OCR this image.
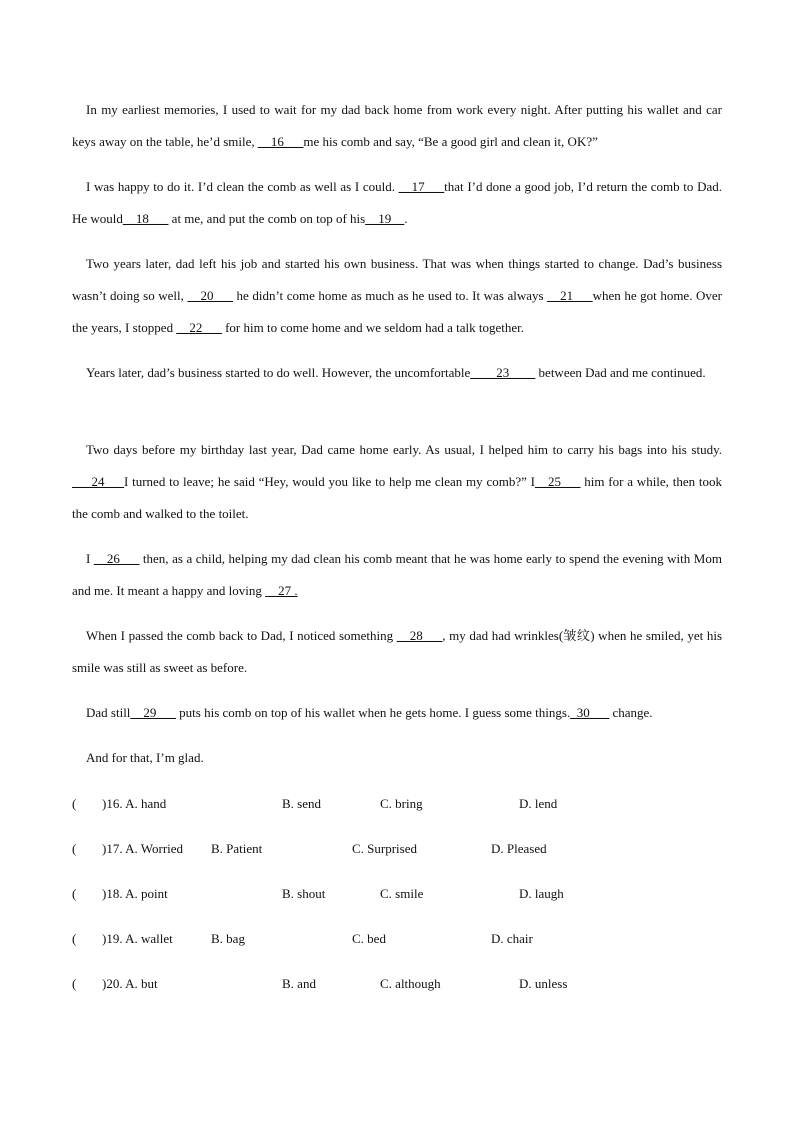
In my earliest memories, I used to wait for my dad back home from work every night. After putting his wallet and car keys away on the table, he’d smile, __16___me his comb and say, “Be a good girl and clean it, OK?”

I was happy to do it. I’d clean the comb as well as I could. __17___that I’d done a good job, I’d return the comb to Dad. He would__18___ at me, and put the comb on top of his__19__.

Two years later, dad left his job and started his own business. That was when things started to change. Dad’s business wasn’t doing so well, __20___ he didn’t come home as much as he used to. It was always __21___when he got home. Over the years, I stopped __22___ for him to come home and we seldom had a talk together.

Years later, dad’s business started to do well. However, the uncomfortable____23____ between Dad and me continued.

Two days before my birthday last year, Dad came home early. As usual, I helped him to carry his bags into his study. ___24___I turned to leave; he said “Hey, would you like to help me clean my comb?” I__25___ him for a while, then took the comb and walked to the toilet.

I __26___ then, as a child, helping my dad clean his comb meant that he was home early to spend the evening with Mom and me. It meant a happy and loving __27 .

When I passed the comb back to Dad, I noticed something __28___, my dad had wrinkles(皱纹) when he smiled, yet his smile was still as sweet as before.

Dad still__29___ puts his comb on top of his wallet when he gets home. I guess some things._30___ change.

And for that, I’m glad.

( )16. A. hand	B. send	C. bring	D. lend
( )17. A. Worried B. Patient	C. Surprised	D. Pleased
( )18. A. point	B. shout	C. smile	D. laugh
( )19. A. wallet	B. bag	C. bed	D. chair
( )20. A. but	B. and	C. although	D. unless
